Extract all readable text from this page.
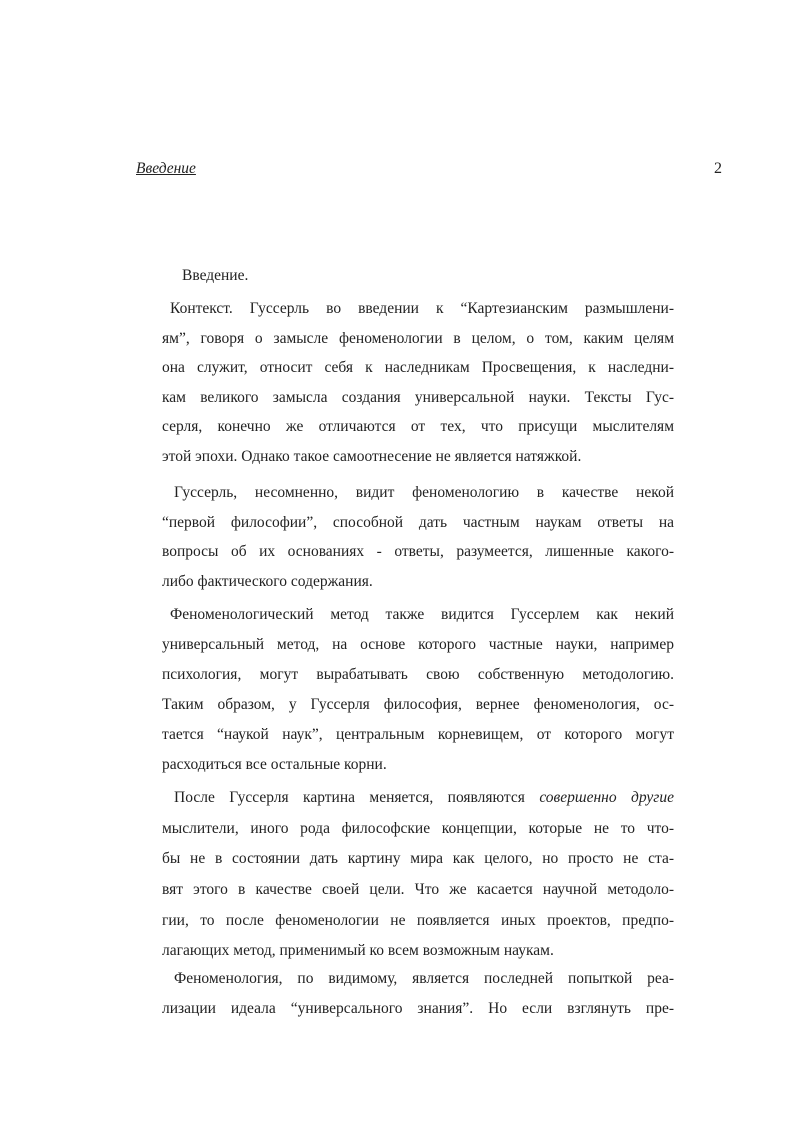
Введение	2
Введение.
Контекст. Гуссерль во введении к “Картезианским размышлени-
ям”, говоря о замысле феноменологии в целом, о том, каким целям
она служит, относит себя к наследникам Просвещения, к наследни-
кам великого замысла создания универсальной науки. Тексты Гус-
серля, конечно же отличаются от тех, что присущи мыслителям
этой эпохи. Однако такое самоотнесение не является натяжкой.
Гуссерль, несомненно, видит феноменологию в качестве некой
“первой философии”, способной дать частным наукам ответы на
вопросы об их основаниях - ответы, разумеется, лишенные какого-
либо фактического содержания.
Феноменологический метод также видится Гуссерлем как некий
универсальный метод, на основе которого частные науки, например
психология, могут вырабатывать свою собственную методологию.
Таким образом, у Гуссерля философия, вернее феноменология, ос-
тается “наукой наук”, центральным корневищем, от которого могут
расходиться все остальные корни.
После Гуссерля картина меняется, появляются совершенно другие
мыслители, иного рода философские концепции, которые не то что-
бы не в состоянии дать картину мира как целого, но просто не ста-
вят этого в качестве своей цели. Что же касается научной методоло-
гии, то после феноменологии не появляется иных проектов, предпо-
лагающих метод, применимый ко всем возможным наукам.
Феноменология, по видимому, является последней попыткой реа-
лизации идеала “универсального знания”. Но если взглянуть пре-
